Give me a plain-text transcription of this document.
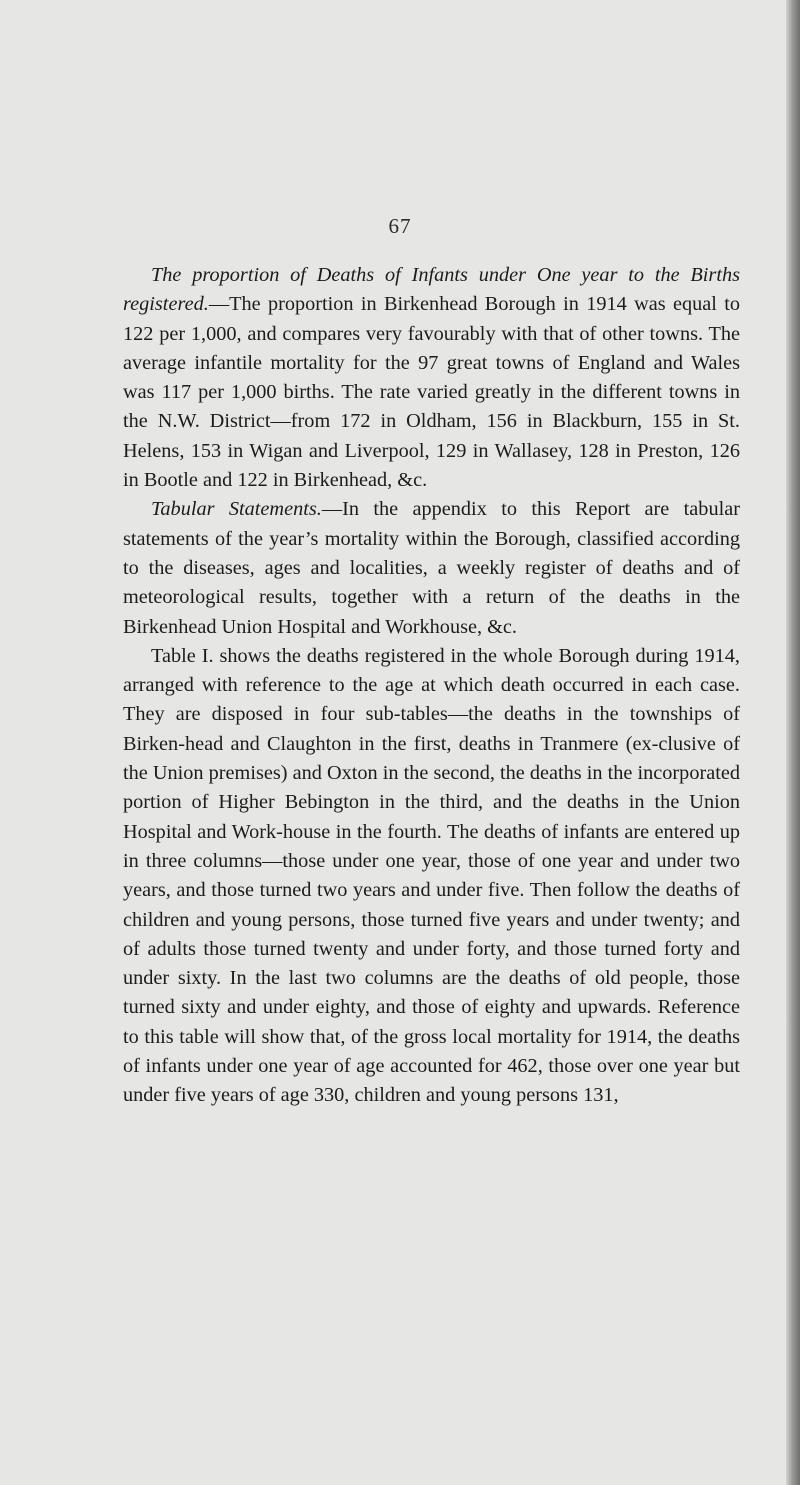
67

The proportion of Deaths of Infants under One year to the Births registered.—The proportion in Birkenhead Borough in 1914 was equal to 122 per 1,000, and compares very favourably with that of other towns. The average infantile mortality for the 97 great towns of England and Wales was 117 per 1,000 births. The rate varied greatly in the different towns in the N.W. District—from 172 in Oldham, 156 in Blackburn, 155 in St. Helens, 153 in Wigan and Liverpool, 129 in Wallasey, 128 in Preston, 126 in Bootle and 122 in Birkenhead, &c.

Tabular Statements.—In the appendix to this Report are tabular statements of the year’s mortality within the Borough, classified according to the diseases, ages and localities, a weekly register of deaths and of meteorological results, together with a return of the deaths in the Birkenhead Union Hospital and Workhouse, &c.

Table I. shows the deaths registered in the whole Borough during 1914, arranged with reference to the age at which death occurred in each case. They are disposed in four sub-tables—the deaths in the townships of Birken-head and Claughton in the first, deaths in Tranmere (ex-clusive of the Union premises) and Oxton in the second, the deaths in the incorporated portion of Higher Bebington in the third, and the deaths in the Union Hospital and Work-house in the fourth. The deaths of infants are entered up in three columns—those under one year, those of one year and under two years, and those turned two years and under five. Then follow the deaths of children and young persons, those turned five years and under twenty; and of adults those turned twenty and under forty, and those turned forty and under sixty. In the last two columns are the deaths of old people, those turned sixty and under eighty, and those of eighty and upwards. Reference to this table will show that, of the gross local mortality for 1914, the deaths of infants under one year of age accounted for 462, those over one year but under five years of age 330, children and young persons 131,
